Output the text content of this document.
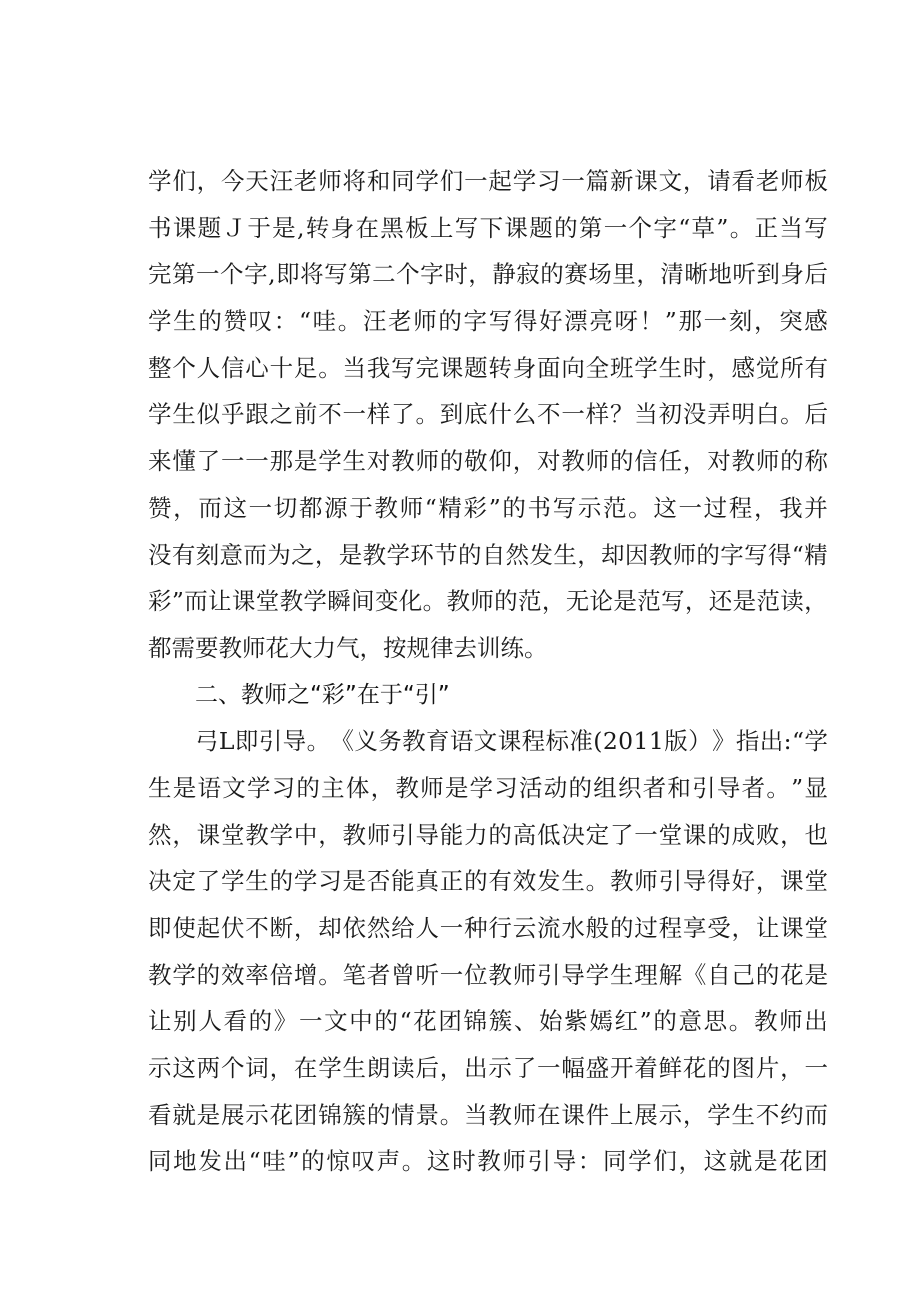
学 们 ， 今 天 汪 老 师 将 和 同 学 们 一 起 学 习 一 篇 新 课 文 ， 请 看 老 师 板
书 课 题 Ｊ 于 是 , 转 身 在 黑 板 上 写 下 课 题 的 第 一 个 字 “ 草 ” 。 正 当 写
完 第 一 个 字 , 即 将 写 第 二 个 字 时 ， 静 寂 的 赛 场 里 ， 清 晰 地 听 到 身 后
学 生 的 赞 叹 ： “ 哇 。 汪 老 师 的 字 写 得 好 漂 亮 呀 ！ ” 那 一 刻 ， 突 感
整 个 人 信 心 十 足 。 当 我 写 完 课 题 转 身 面 向 全 班 学 生 时 ， 感 觉 所 有
学 生 似 乎 跟 之 前 不 一 样 了 。 到 底 什 么 不 一 样 ？ 当 初 没 弄 明 白 。 后
来 懂 了 一 一 那 是 学 生 对 教 师 的 敬 仰 ， 对 教 师 的 信 任 ， 对 教 师 的 称
赞 ， 而 这 一 切 都 源 于 教 师 “ 精 彩 ” 的 书 写 示 范 。 这 一 过 程 ， 我 并
没 有 刻 意 而 为 之 ， 是 教 学 环 节 的 自 然 发 生 ， 却 因 教 师 的 字 写 得 “ 精
彩 ” 而 让 课 堂 教 学 瞬 间 变 化 。 教 师 的 范 ， 无 论 是 范 写 ， 还 是 范 读 ，
都 需 要 教 师 花 大 力 气 ， 按 规 律 去 训 练 。
二、教师之“彩”在于“引”
弓 L 即 引 导 。 《 义 务 教 育 语 文 课 程 标 准 ( 2 0 1 1 版 ） 》 指 出 : “ 学
生 是 语 文 学 习 的 主 体 ， 教 师 是 学 习 活 动 的 组 织 者 和 引 导 者 。 ” 显
然 ， 课 堂 教 学 中 ， 教 师 引 导 能 力 的 高 低 决 定 了 一 堂 课 的 成 败 ， 也
决 定 了 学 生 的 学 习 是 否 能 真 正 的 有 效 发 生 。 教 师 引 导 得 好 ， 课 堂
即 使 起 伏 不 断 ， 却 依 然 给 人 一 种 行 云 流 水 般 的 过 程 享 受 ， 让 课 堂
教 学 的 效 率 倍 增 。 笔 者 曾 听 一 位 教 师 引 导 学 生 理 解 《 自 己 的 花 是
让 别 人 看 的 》 一 文 中 的 “ 花 团 锦 簇 、 始 紫 嫣 红 ” 的 意 思 。 教 师 出
示 这 两 个 词 ， 在 学 生 朗 读 后 ， 出 示 了 一 幅 盛 开 着 鲜 花 的 图 片 ， 一
看 就 是 展 示 花 团 锦 簇 的 情 景 。 当 教 师 在 课 件 上 展 示 ， 学 生 不 约 而
同 地 发 出 “ 哇 ” 的 惊 叹 声 。 这 时 教 师 引 导 ： 同 学 们 ， 这 就 是 花 团
